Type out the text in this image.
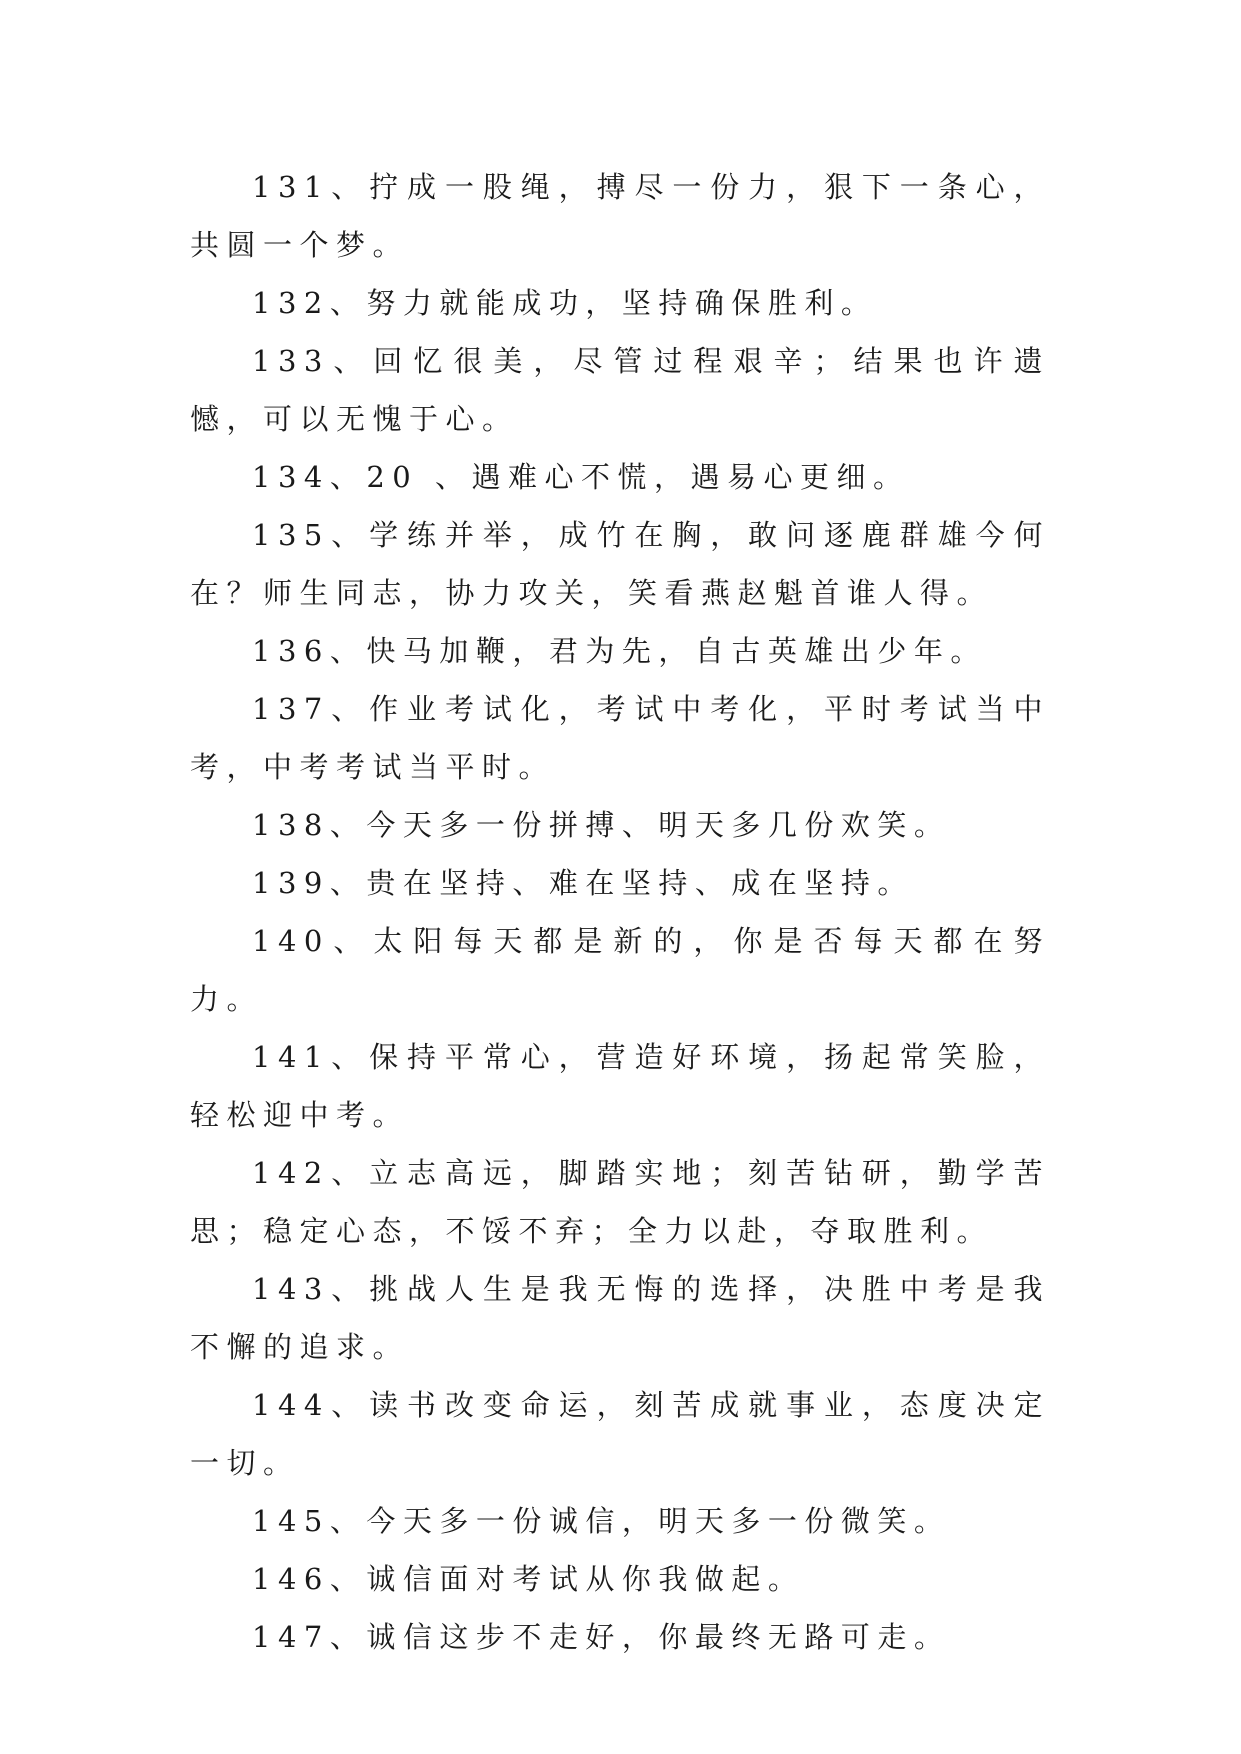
131、拧成一股绳，搏尽一份力，狠下一条心，共圆一个梦。

132、努力就能成功，坚持确保胜利。

133、回忆很美，尽管过程艰辛；结果也许遗憾，可以无愧于心。

134、20 、遇难心不慌，遇易心更细。

135、学练并举，成竹在胸，敢问逐鹿群雄今何在？师生同志，协力攻关，笑看燕赵魁首谁人得。

136、快马加鞭，君为先，自古英雄出少年。

137、作业考试化，考试中考化，平时考试当中考，中考考试当平时。

138、今天多一份拼搏、明天多几份欢笑。

139、贵在坚持、难在坚持、成在坚持。

140、太阳每天都是新的，你是否每天都在努力。

141、保持平常心，营造好环境，扬起常笑脸，轻松迎中考。

142、立志高远，脚踏实地；刻苦钻研，勤学苦思；稳定心态，不馁不弃；全力以赴，夺取胜利。

143、挑战人生是我无悔的选择，决胜中考是我不懈的追求。

144、读书改变命运，刻苦成就事业，态度决定一切。

145、今天多一份诚信，明天多一份微笑。

146、诚信面对考试从你我做起。

147、诚信这步不走好，你最终无路可走。
